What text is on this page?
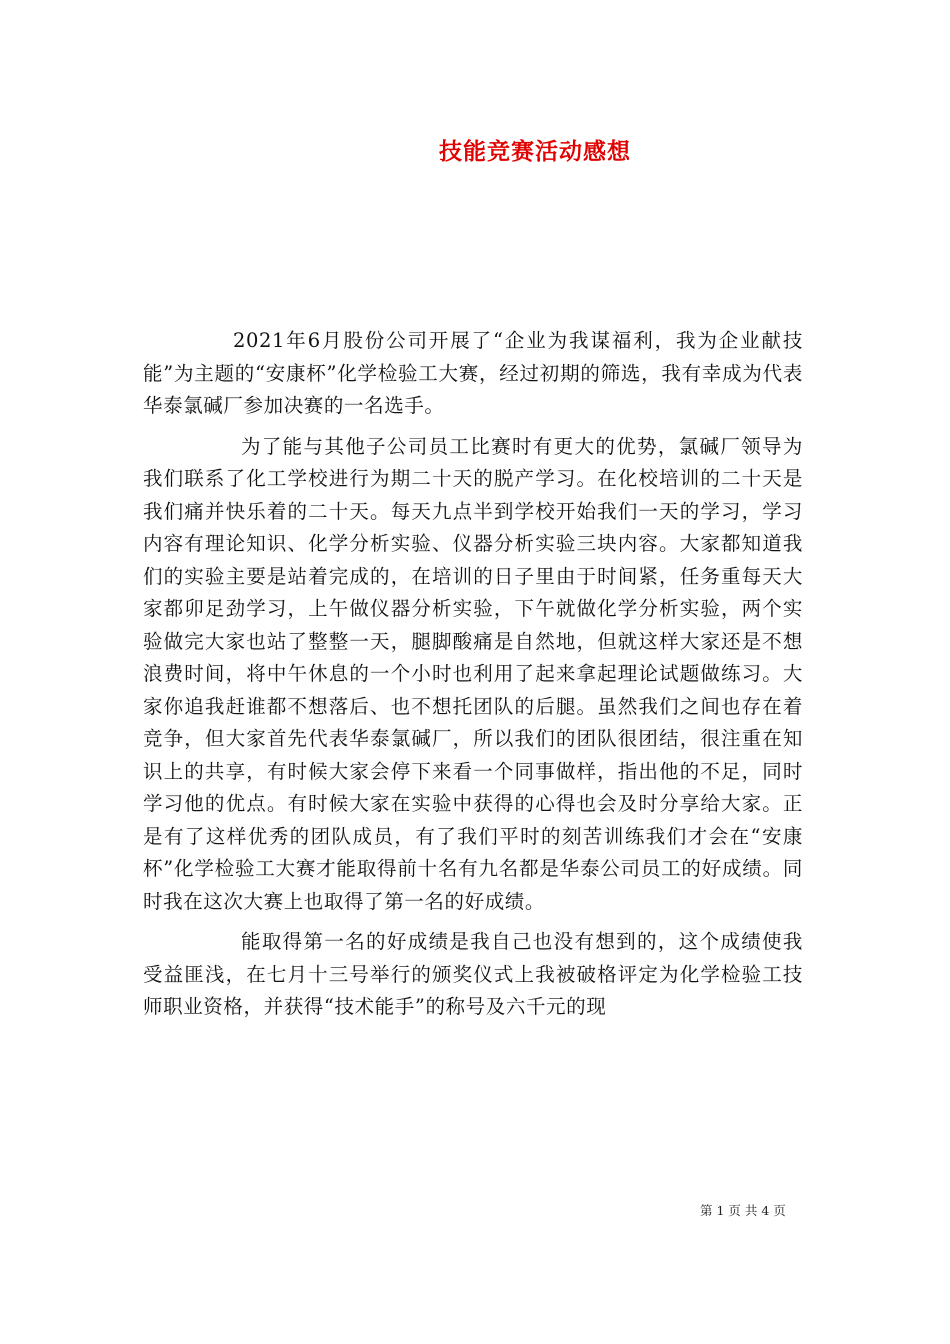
技能竞赛活动感想

2021年6月股份公司开展了“企业为我谋福利，我为企业献技能”为主题的“安康杯”化学检验工大赛，经过初期的筛选，我有幸成为代表华泰氯碱厂参加决赛的一名选手。

为了能与其他子公司员工比赛时有更大的优势，氯碱厂领导为我们联系了化工学校进行为期二十天的脱产学习。在化校培训的二十天是我们痛并快乐着的二十天。每天九点半到学校开始我们一天的学习，学习内容有理论知识、化学分析实验、仪器分析实验三块内容。大家都知道我们的实验主要是站着完成的，在培训的日子里由于时间紧，任务重每天大家都卯足劲学习，上午做仪器分析实验，下午就做化学分析实验，两个实验做完大家也站了整整一天，腿脚酸痛是自然地，但就这样大家还是不想浪费时间，将中午休息的一个小时也利用了起来拿起理论试题做练习。大家你追我赶谁都不想落后、也不想托团队的后腿。虽然我们之间也存在着竞争，但大家首先代表华泰氯碱厂，所以我们的团队很团结，很注重在知识上的共享，有时候大家会停下来看一个同事做样，指出他的不足，同时学习他的优点。有时候大家在实验中获得的心得也会及时分享给大家。正是有了这样优秀的团队成员，有了我们平时的刻苦训练我们才会在“安康杯”化学检验工大赛才能取得前十名有九名都是华泰公司员工的好成绩。同时我在这次大赛上也取得了第一名的好成绩。

能取得第一名的好成绩是我自己也没有想到的，这个成绩使我受益匪浅，在七月十三号举行的颁奖仪式上我被破格评定为化学检验工技师职业资格，并获得“技术能手”的称号及六千元的现

第 1 页 共 4 页
